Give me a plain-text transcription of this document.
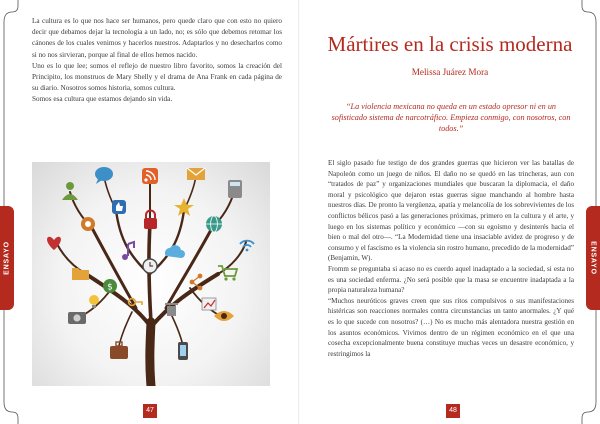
ENSAYO

La cultura es lo que nos hace ser humanos, pero quede claro que con esto no quiero decir que debamos dejar la tecnología a un lado, no; es sólo que debemos retomar los cánones de los cuales venimos y hacerlos nuestros. Adaptarlos y no desecharlos como si no nos sirvieran, porque al final de ellos hemos nacido.

Uno es lo que lee; somos el reflejo de nuestro libro favorito, somos la creación del Principito, los monstruos de Mary Shelly y el drama de Ana Frank en cada página de su diario. Nosotros somos historia, somos cultura.

Somos esa cultura que estamos dejando sin vida.

$
47
ENSAYO
Mártires en la crisis moderna
Melissa Juárez Mora
“La violencia mexicana no queda en un estado opresor ni en un sofisticado sistema de narcotráfico. Empieza conmigo, con nosotros, con todos.”

El siglo pasado fue testigo de dos grandes guerras que hicieron ver las batallas de Napoleón como un juego de niños. El daño no se quedó en las trincheras, aun con “tratados de paz” y organizaciones mundiales que buscaran la diplomacia, el daño moral y psicológico que dejaron estas guerras sigue manchando al hombre hasta nuestros días. De pronto la vergüenza, apatía y melancolía de los sobrevivientes de los conflictos bélicos pasó a las generaciones próximas, primero en la cultura y el arte, y luego en los sistemas político y económico —con su egoísmo y desinterés hacia el bien o mal del otro—. “La Modernidad tiene una insaciable avidez de progreso y de consumo y el fascismo es la violencia sin rostro humano, precedido de la modernidad” (Benjamin, W).

Fromm se preguntaba si acaso no es cuerdo aquel inadaptado a la sociedad, si esta no es una sociedad enferma. ¿No será posible que la masa se encuentre inadaptada a la propia naturaleza humana?

“Muchos neuróticos graves creen que sus ritos compulsivos o sus manifestaciones histéricas son reacciones normales contra circunstancias un tanto anormales. ¿Y qué es lo que sucede con nosotros? (…) No es mucho más alentadora nuestra gestión en los asuntos económicos. Vivimos dentro de un régimen económico en el que una cosecha excepcionalmente buena constituye muchas veces un desastre económico, y restringimos la

48
